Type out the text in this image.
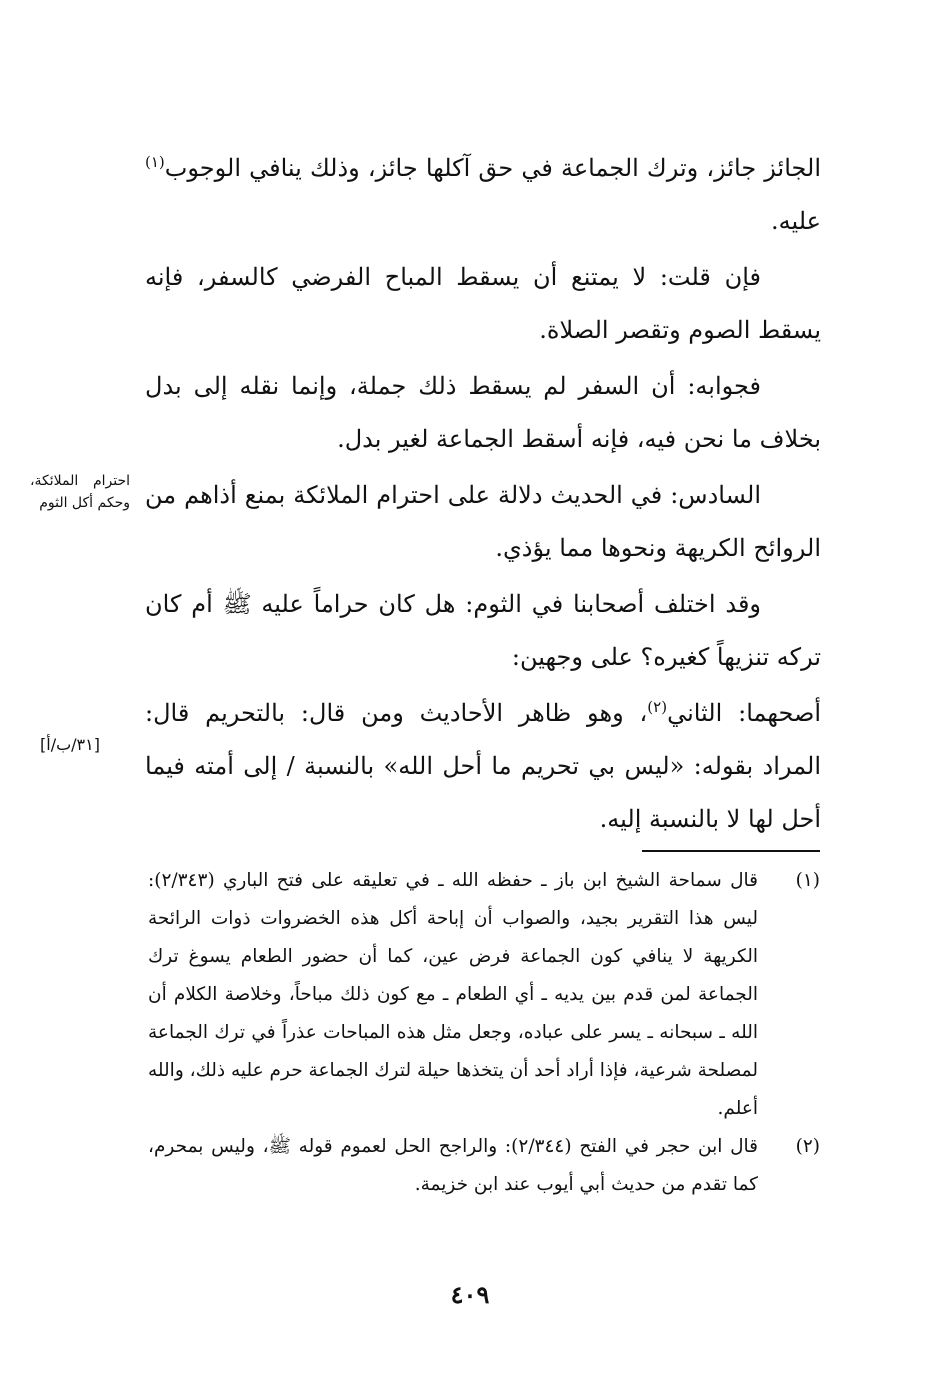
الجائز جائز، وترك الجماعة في حق آكلها جائز، وذلك ينافي الوجوب$^{(١)}$ عليه.

فإن قلت: لا يمتنع أن يسقط المباح الفرضي كالسفر، فإنه يسقط الصوم وتقصر الصلاة.

فجوابه: أن السفر لم يسقط ذلك جملة، وإنما نقله إلى بدل بخلاف ما نحن فيه، فإنه أسقط الجماعة لغير بدل.

السادس: في الحديث دلالة على احترام الملائكة بمنع أذاهم من الروائح الكريهة ونحوها مما يؤذي.

وقد اختلف أصحابنا في الثوم: هل كان حراماً عليه ﷺ أم كان تركه تنزيهاً كغيره؟ على وجهين:

أصحهما: الثاني$^{(٢)}$، وهو ظاهر الأحاديث ومن قال: بالتحريم قال: المراد بقوله: «ليس بي تحريم ما أحل الله» بالنسبة / إلى أمته فيما أحل لها لا بالنسبة إليه.

احترام الملائكة، وحكم أكل الثوم
[٣١/ب/أ]
(١)
قال سماحة الشيخ ابن باز ـ حفظه الله ـ في تعليقه على فتح الباري (٢/٣٤٣): ليس هذا التقرير بجيد، والصواب أن إباحة أكل هذه الخضروات ذوات الرائحة الكريهة لا ينافي كون الجماعة فرض عين، كما أن حضور الطعام يسوغ ترك الجماعة لمن قدم بين يديه ـ أي الطعام ـ مع كون ذلك مباحاً، وخلاصة الكلام أن الله ـ سبحانه ـ يسر على عباده، وجعل مثل هذه المباحات عذراً في ترك الجماعة لمصلحة شرعية، فإذا أراد أحد أن يتخذها حيلة لترك الجماعة حرم عليه ذلك، والله أعلم.
(٢)
قال ابن حجر في الفتح (٢/٣٤٤): والراجح الحل لعموم قوله ﷺ، وليس بمحرم، كما تقدم من حديث أبي أيوب عند ابن خزيمة.
٤٠٩
